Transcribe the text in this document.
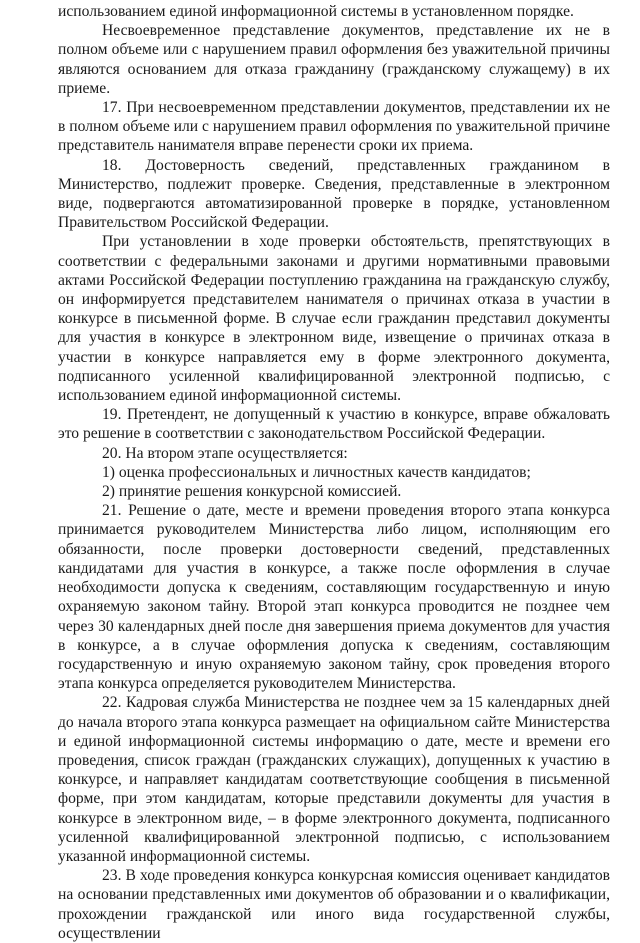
использованием единой информационной системы в установленном порядке.

Несвоевременное представление документов, представление их не в полном объеме или с нарушением правил оформления без уважительной причины являются основанием для отказа гражданину (гражданскому служащему) в их приеме.

17. При несвоевременном представлении документов, представлении их не в полном объеме или с нарушением правил оформления по уважительной причине представитель нанимателя вправе перенести сроки их приема.

18. Достоверность сведений, представленных гражданином в Министерство, подлежит проверке. Сведения, представленные в электронном виде, подвергаются автоматизированной проверке в порядке, установленном Правительством Российской Федерации.

При установлении в ходе проверки обстоятельств, препятствующих в соответствии с федеральными законами и другими нормативными правовыми актами Российской Федерации поступлению гражданина на гражданскую службу, он информируется представителем нанимателя о причинах отказа в участии в конкурсе в письменной форме. В случае если гражданин представил документы для участия в конкурсе в электронном виде, извещение о причинах отказа в участии в конкурсе направляется ему в форме электронного документа, подписанного усиленной квалифицированной электронной подписью, с использованием единой информационной системы.

19. Претендент, не допущенный к участию в конкурсе, вправе обжаловать это решение в соответствии с законодательством Российской Федерации.

20. На втором этапе осуществляется:

1) оценка профессиональных и личностных качеств кандидатов;

2) принятие решения конкурсной комиссией.

21. Решение о дате, месте и времени проведения второго этапа конкурса принимается руководителем Министерства либо лицом, исполняющим его обязанности, после проверки достоверности сведений, представленных кандидатами для участия в конкурсе, а также после оформления в случае необходимости допуска к сведениям, составляющим государственную и иную охраняемую законом тайну. Второй этап конкурса проводится не позднее чем через 30 календарных дней после дня завершения приема документов для участия в конкурсе, а в случае оформления допуска к сведениям, составляющим государственную и иную охраняемую законом тайну, срок проведения второго этапа конкурса определяется руководителем Министерства.

22. Кадровая служба Министерства не позднее чем за 15 календарных дней до начала второго этапа конкурса размещает на официальном сайте Министерства и единой информационной системы информацию о дате, месте и времени его проведения, список граждан (гражданских служащих), допущенных к участию в конкурсе, и направляет кандидатам соответствующие сообщения в письменной форме, при этом кандидатам, которые представили документы для участия в конкурсе в электронном виде, – в форме электронного документа, подписанного усиленной квалифицированной электронной подписью, с использованием указанной информационной системы.

23. В ходе проведения конкурса конкурсная комиссия оценивает кандидатов на основании представленных ими документов об образовании и о квалификации, прохождении гражданской или иного вида государственной службы, осуществлении
